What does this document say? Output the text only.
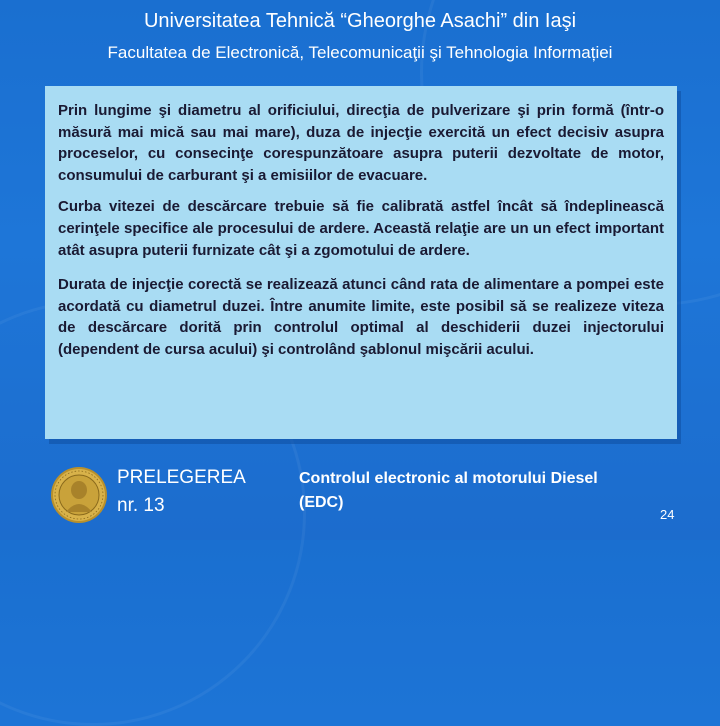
Universitatea Tehnică “Gheorghe Asachi” din Iaşi
Facultatea de Electronică, Telecomunicaţii şi Tehnologia Informației

Prin lungime şi diametru al orificiului, direcţia de pulverizare şi prin formă (într-o măsură mai mică sau mai mare), duza de injecţie exercită un efect decisiv asupra proceselor, cu consecinţe corespunzătoare asupra puterii dezvoltate de motor, consumului de carburant şi a emisiilor de evacuare.

Curba vitezei de descărcare trebuie să fie calibrată astfel încât să îndeplinească cerinţele specifice ale procesului de ardere. Această relaţie are un un efect important atât asupra puterii furnizate cât şi a zgomotului de ardere.

Durata de injecţie corectă se realizează atunci când rata de alimentare a pompei este acordată cu diametrul duzei. Între anumite limite, este posibil să se realizeze viteza de descărcare dorită prin controlul optimal al deschiderii duzei injectorului (dependent de cursa acului) şi controlând şablonul mişcării acului.

PRELEGEREA
nr. 13
Controlul electronic al motorului Diesel (EDC)
24
